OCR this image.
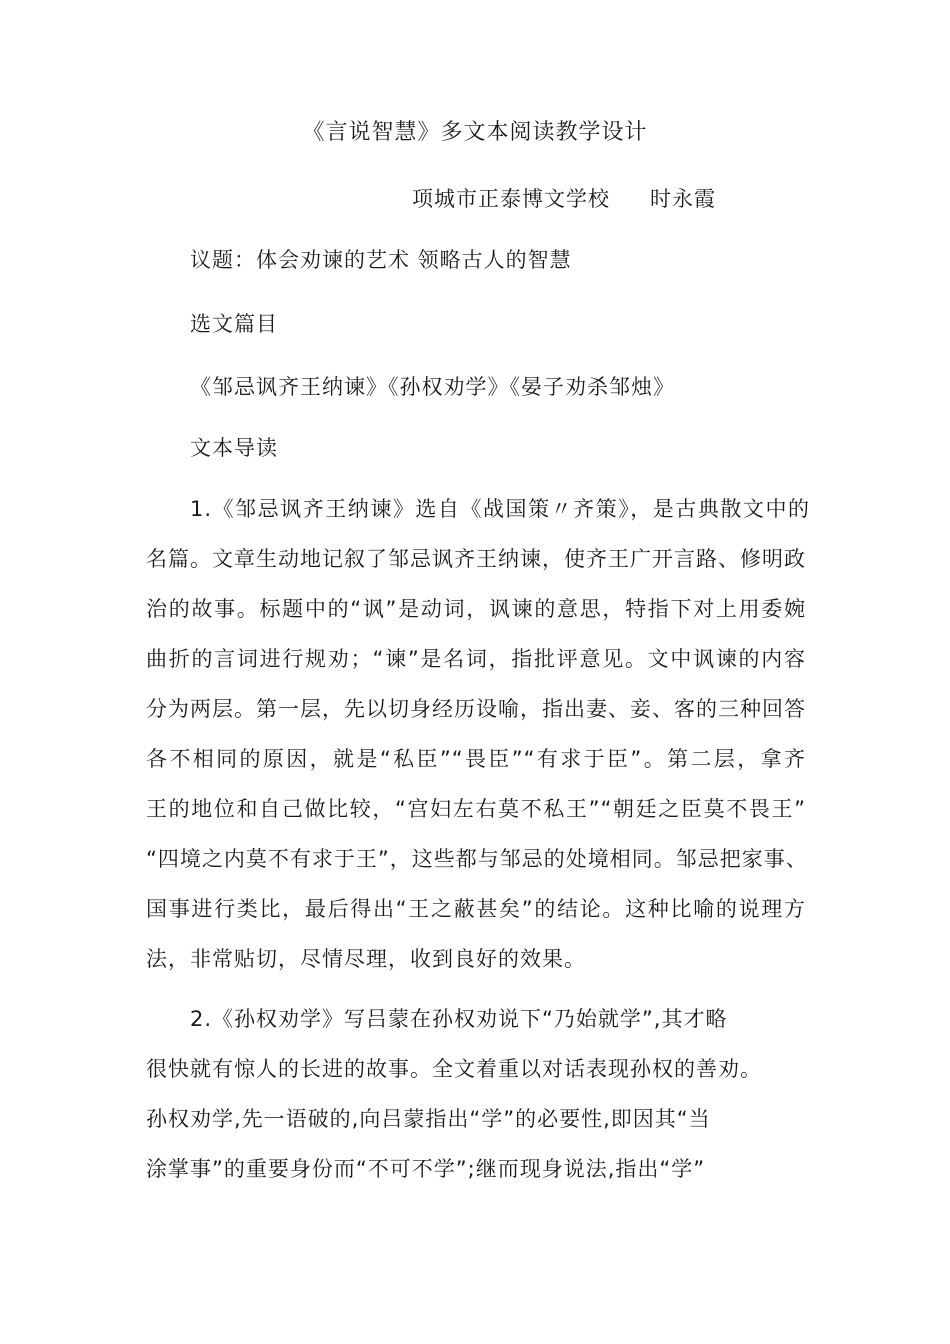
《言说智慧》多文本阅读教学设计
项城市正泰博文学校 时永霞
议题：体会劝谏的艺术 领略古人的智慧
选文篇目
《邹忌讽齐王纳谏》《孙权劝学》《晏子劝杀邹烛》
文本导读
1.《邹忌讽齐王纳谏》选自《战国策〃齐策》，是古典散文中的
名篇。文章生动地记叙了邹忌讽齐王纳谏，使齐王广开言路、修明政
治的故事。标题中的“讽”是动词，讽谏的意思，特指下对上用委婉
曲折的言词进行规劝；“谏”是名词，指批评意见。文中讽谏的内容
分为两层。第一层，先以切身经历设喻，指出妻、妾、客的三种回答
各不相同的原因，就是“私臣”“畏臣”“有求于臣”。第二层，拿齐
王的地位和自己做比较，“宫妇左右莫不私王”“朝廷之臣莫不畏王”
“四境之内莫不有求于王”，这些都与邹忌的处境相同。邹忌把家事、
国事进行类比，最后得出“王之蔽甚矣”的结论。这种比喻的说理方
法，非常贴切，尽情尽理，收到良好的效果。
2.《孙权劝学》写吕蒙在孙权劝说下“乃始就学”,其才略
很快就有惊人的长进的故事。全文着重以对话表现孙权的善劝。
孙权劝学,先一语破的,向吕蒙指出“学”的必要性,即因其“当
涂掌事”的重要身份而“不可不学”;继而现身说法,指出“学”
